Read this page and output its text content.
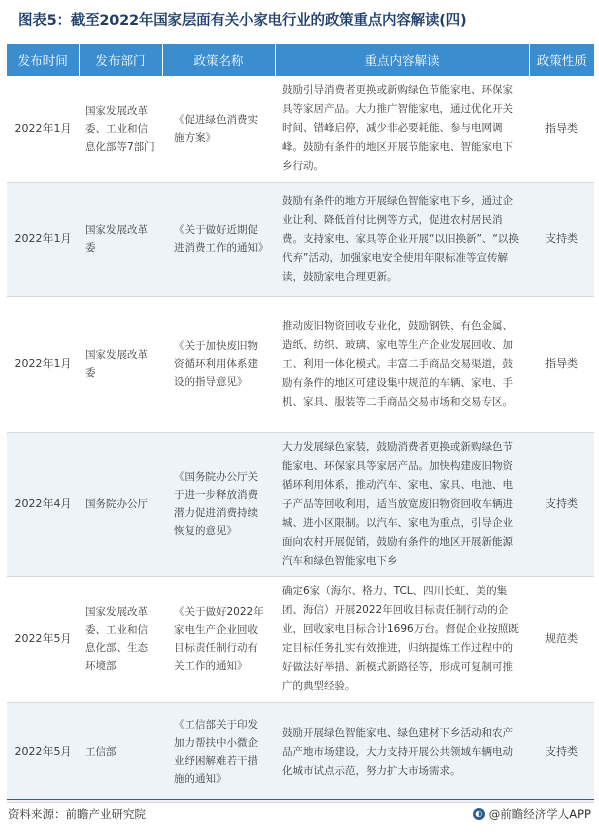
图表5：截至2022年国家层面有关小家电行业的政策重点内容解读(四)
发布时间	发布部门	政策名称	重点内容解读	政策性质
2022年1月	国家发展改革委、工业和信息化部等7部门	《促进绿色消费实施方案》	鼓励引导消费者更换或新购绿色节能家电、环保家具等家居产品。大力推广智能家电，通过优化开关时间、错峰启停，减少非必要耗能、参与电网调峰。鼓励有条件的地区开展节能家电、智能家电下乡行动。	指导类
2022年1月	国家发展改革委	《关于做好近期促进消费工作的通知》	鼓励有条件的地方开展绿色智能家电下乡，通过企业让利、降低首付比例等方式，促进农村居民消费。支持家电、家具等企业开展“以旧换新”、“以换代弃”活动，加强家电安全使用年限标准等宣传解读，鼓励家电合理更新。	支持类
2022年1月	国家发展改革委	《关于加快废旧物资循环利用体系建设的指导意见》	推动废旧物资回收专业化，鼓励钢铁、有色金属、造纸、纺织、玻璃、家电等生产企业发展回收、加工、利用一体化模式。丰富二手商品交易渠道，鼓励有条件的地区可建设集中规范的车辆、家电、手机、家具、服装等二手商品交易市场和交易专区。	指导类
2022年4月	国务院办公厅	《国务院办公厅关于进一步释放消费潜力促进消费持续恢复的意见》	大力发展绿色家装，鼓励消费者更换或新购绿色节能家电、环保家具等家居产品。加快构建废旧物资循环利用体系，推动汽车、家电、家具、电池、电子产品等回收利用，适当放宽废旧物资回收车辆进城、进小区限制。以汽车、家电为重点，引导企业面向农村开展促销，鼓励有条件的地区开展新能源汽车和绿色智能家电下乡	支持类
2022年5月	国家发展改革委、工业和信息化部、生态环境部	《关于做好2022年家电生产企业回收目标责任制行动有关工作的通知》	确定6家（海尔、格力、TCL、四川长虹、美的集团、海信）开展2022年回收目标责任制行动的企业，回收家电目标合计1696万台。督促企业按照既定目标任务扎实有效推进，归纳提炼工作过程中的好做法好举措、新模式新路径等，形成可复制可推广的典型经验。	规范类
2022年5月	工信部	《工信部关于印发加力帮扶中小微企业纾困解难若干措施的通知》	鼓励开展绿色智能家电、绿色建材下乡活动和农产品产地市场建设，大力支持开展公共领域车辆电动化城市试点示范，努力扩大市场需求。	支持类
资料来源：前瞻产业研究院	◐ @前瞻经济学人APP
